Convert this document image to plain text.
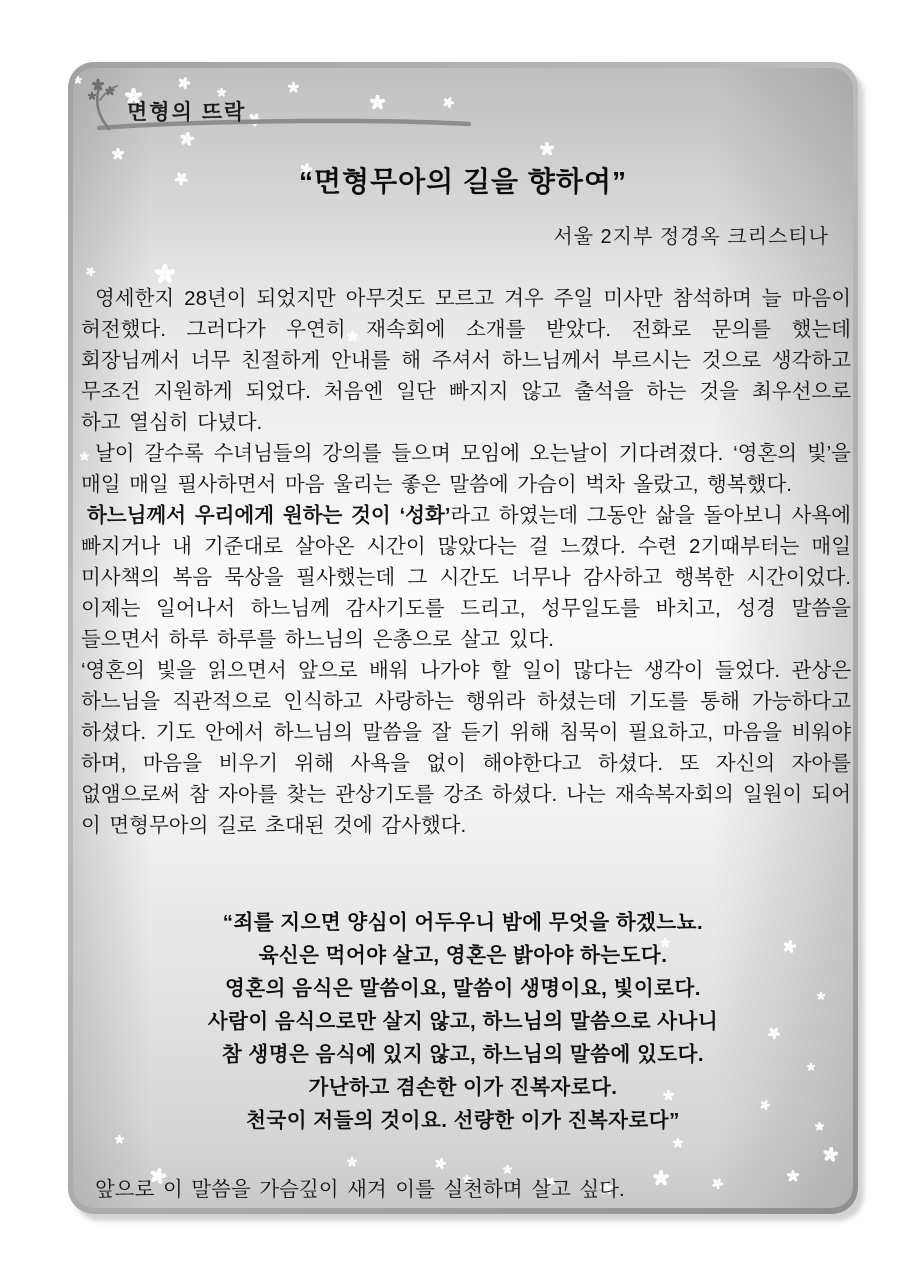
면형의 뜨락
“면형무아의 길을 향하여”
서울 2지부 정경옥 크리스티나

영세한지 28년이 되었지만 아무것도 모르고 겨우 주일 미사만 참석하며 늘 마음이 허전했다. 그러다가 우연히 재속회에 소개를 받았다. 전화로 문의를 했는데 회장님께서 너무 친절하게 안내를 해 주셔서 하느님께서 부르시는 것으로 생각하고 무조건 지원하게 되었다. 처음엔 일단 빠지지 않고 출석을 하는 것을 최우선으로 하고 열심히 다녔다.

날이 갈수록 수녀님들의 강의를 들으며 모임에 오는날이 기다려졌다. ‘영혼의 빛’을 매일 매일 필사하면서 마음 울리는 좋은 말씀에 가슴이 벅차 올랐고, 행복했다.

하느님께서 우리에게 원하는 것이 ‘성화’라고 하였는데 그동안 삶을 돌아보니 사욕에 빠지거나 내 기준대로 살아온 시간이 많았다는 걸 느꼈다. 수련 2기때부터는 매일 미사책의 복음 묵상을 필사했는데 그 시간도 너무나 감사하고 행복한 시간이었다. 이제는 일어나서 하느님께 감사기도를 드리고, 성무일도를 바치고, 성경 말씀을 들으면서 하루 하루를 하느님의 은총으로 살고 있다.

‘영혼의 빛을 읽으면서 앞으로 배워 나가야 할 일이 많다는 생각이 들었다. 관상은 하느님을 직관적으로 인식하고 사랑하는 행위라 하셨는데 기도를 통해 가능하다고 하셨다. 기도 안에서 하느님의 말씀을 잘 듣기 위해 침묵이 필요하고, 마음을 비워야 하며, 마음을 비우기 위해 사욕을 없이 해야한다고 하셨다. 또 자신의 자아를 없앰으로써 참 자아를 찾는 관상기도를 강조 하셨다. 나는 재속복자회의 일원이 되어 이 면형무아의 길로 초대된 것에 감사했다.

“죄를 지으면 양심이 어두우니 밤에 무엇을 하겠느뇨.
육신은 먹어야 살고, 영혼은 밝아야 하는도다.
영혼의 음식은 말씀이요, 말씀이 생명이요, 빛이로다.
사람이 음식으로만 살지 않고, 하느님의 말씀으로 사나니
참 생명은 음식에 있지 않고, 하느님의 말씀에 있도다.
가난하고 겸손한 이가 진복자로다.
천국이 저들의 것이요. 선량한 이가 진복자로다”
앞으로 이 말씀을 가슴깊이 새겨 이를 실천하며 살고 싶다.
